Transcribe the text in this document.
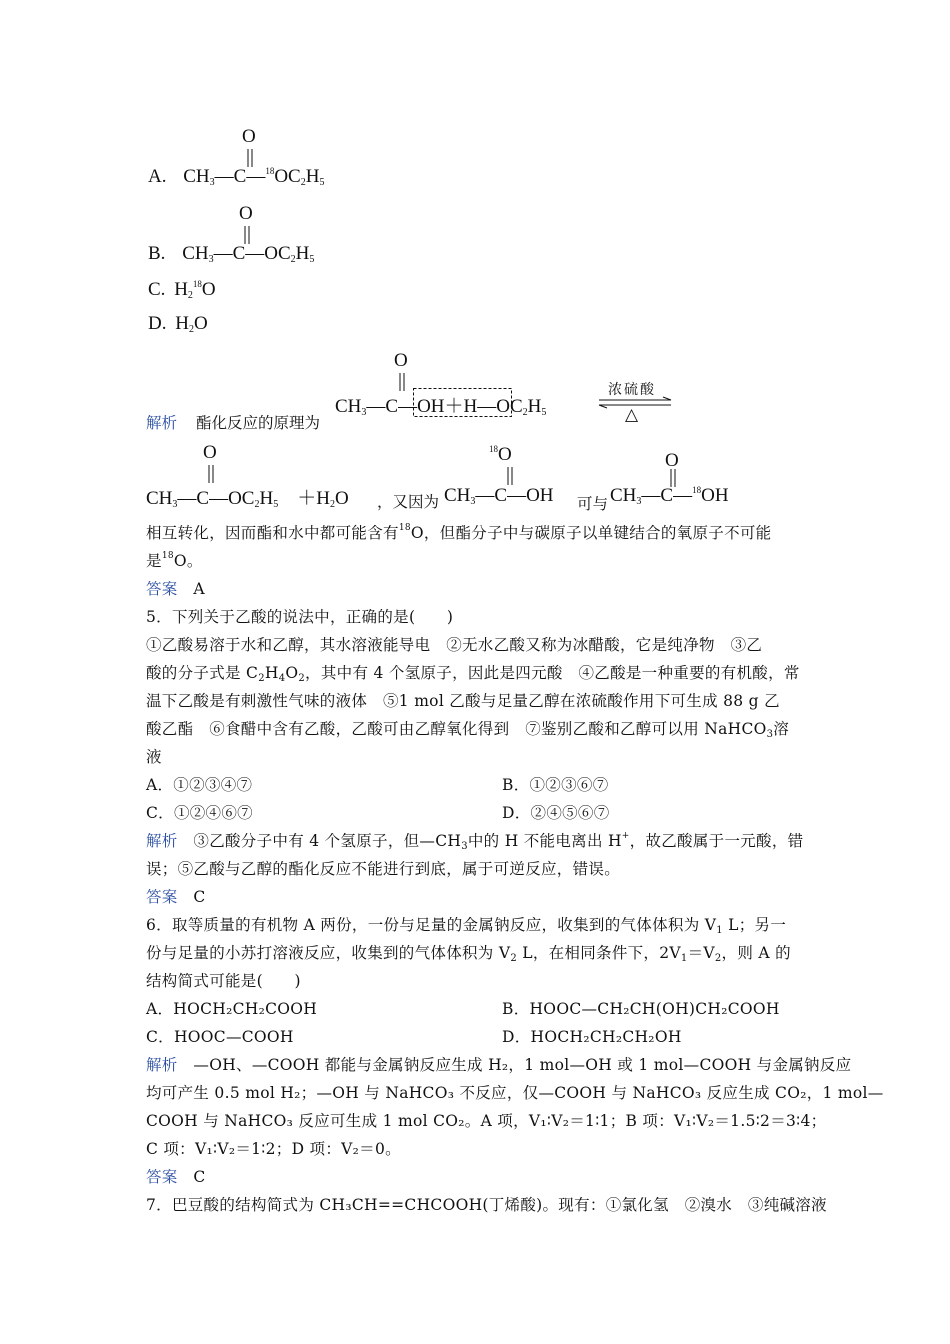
A. $CH_3—C—^{18}OC_2H_5$
O
B. $CH_3—C—OC_2H_5$
O
C. $H_2^{18}O$
D. $H_2O$
解析 酯化反应的原理为
$CH_3—C—OH+H—OC_2H_5$
O
浓硫酸
△
$CH_3—C—OC_2H_5$　$+H_2O$
O
，又因为 $CH_3—C—OH$
$^{18}$O
可与 $CH_3—C—^{18}OH$
O
相互转化，因而酯和水中都可能含有$^{18}$O，但酯分子中与碳原子以单键结合的氧原子不可能
是$^{18}$O。
答案　 A
5．下列关于乙酸的说法中，正确的是(　　)
①乙酸易溶于水和乙醇，其水溶液能导电　②无水乙酸又称为冰醋酸，它是纯净物　③乙
酸的分子式是 $C_2H_4O_2$，其中有 4 个氢原子，因此是四元酸　④乙酸是一种重要的有机酸，常
温下乙酸是有刺激性气味的液体　⑤1 mol 乙酸与足量乙醇在浓硫酸作用下可生成 88 g 乙
酸乙酯　⑥食醋中含有乙酸，乙酸可由乙醇氧化得到　⑦鉴别乙酸和乙醇可以用 NaHCO$_3$溶
液
A．①②③④⑦	B．①②③⑥⑦
C．①②④⑥⑦	D．②④⑤⑥⑦
解析　③乙酸分子中有 4 个氢原子，但$—CH_3$中的 H 不能电离出 H+，故乙酸属于一元酸，错
误；⑤乙酸与乙醇的酯化反应不能进行到底，属于可逆反应，错误。
答案　 C
6．取等质量的有机物 A 两份，一份与足量的金属钠反应，收集到的气体体积为 $V_1$ L；另一
份与足量的小苏打溶液反应，收集到的气体体积为 $V_2$ L，在相同条件下，$2V_1=V_2$，则 A 的
结构简式可能是(　　)
A．HOCH₂CH₂COOH	B．HOOC—CH₂CH(OH)CH₂COOH
C．HOOC—COOH	D．HOCH₂CH₂CH₂OH
解析　—OH、—COOH 都能与金属钠反应生成 H₂，1 mol—OH 或 1 mol—COOH 与金属钠反应
均可产生 0.5 mol H₂；—OH 与 NaHCO₃ 不反应，仅—COOH 与 NaHCO₃ 反应生成 CO₂，1 mol—
COOH 与 NaHCO₃ 反应可生成 1 mol CO₂。A 项，V₁∶V₂＝1∶1；B 项：V₁∶V₂＝1.5∶2＝3∶4；
C 项：V₁∶V₂＝1∶2；D 项：V₂＝0。
答案　 C
7．巴豆酸的结构简式为 CH₃CH==CHCOOH(丁烯酸)。现有：①氯化氢　②溴水　③纯碱溶液
